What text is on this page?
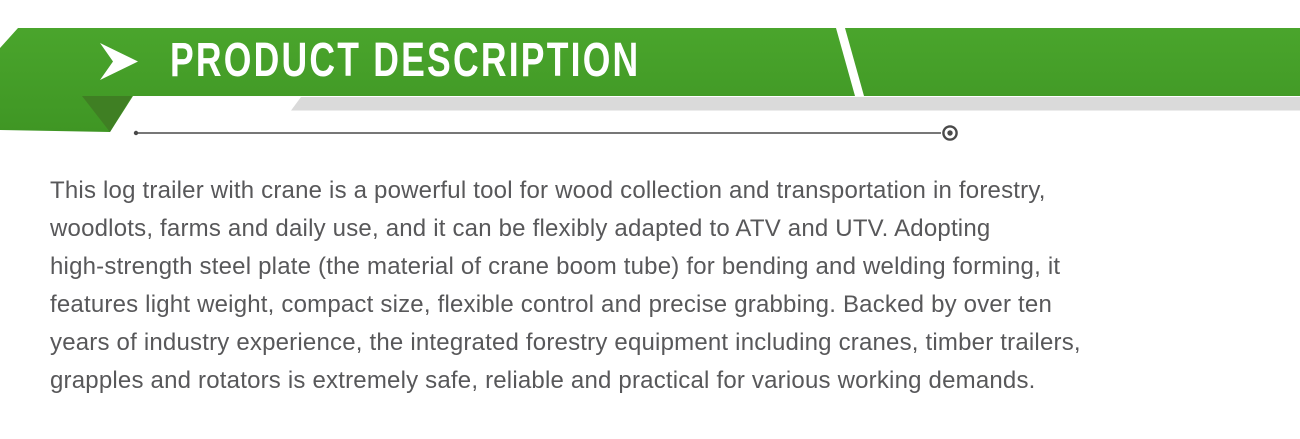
PRODUCT DESCRIPTION
This log trailer with crane is a powerful tool for wood collection and transportation in forestry,
woodlots, farms and daily use, and it can be flexibly adapted to ATV and UTV. Adopting
high-strength steel plate (the material of crane boom tube) for bending and welding forming, it
features light weight, compact size, flexible control and precise grabbing. Backed by over ten
years of industry experience, the integrated forestry equipment including cranes, timber trailers,
grapples and rotators is extremely safe, reliable and practical for various working demands.
